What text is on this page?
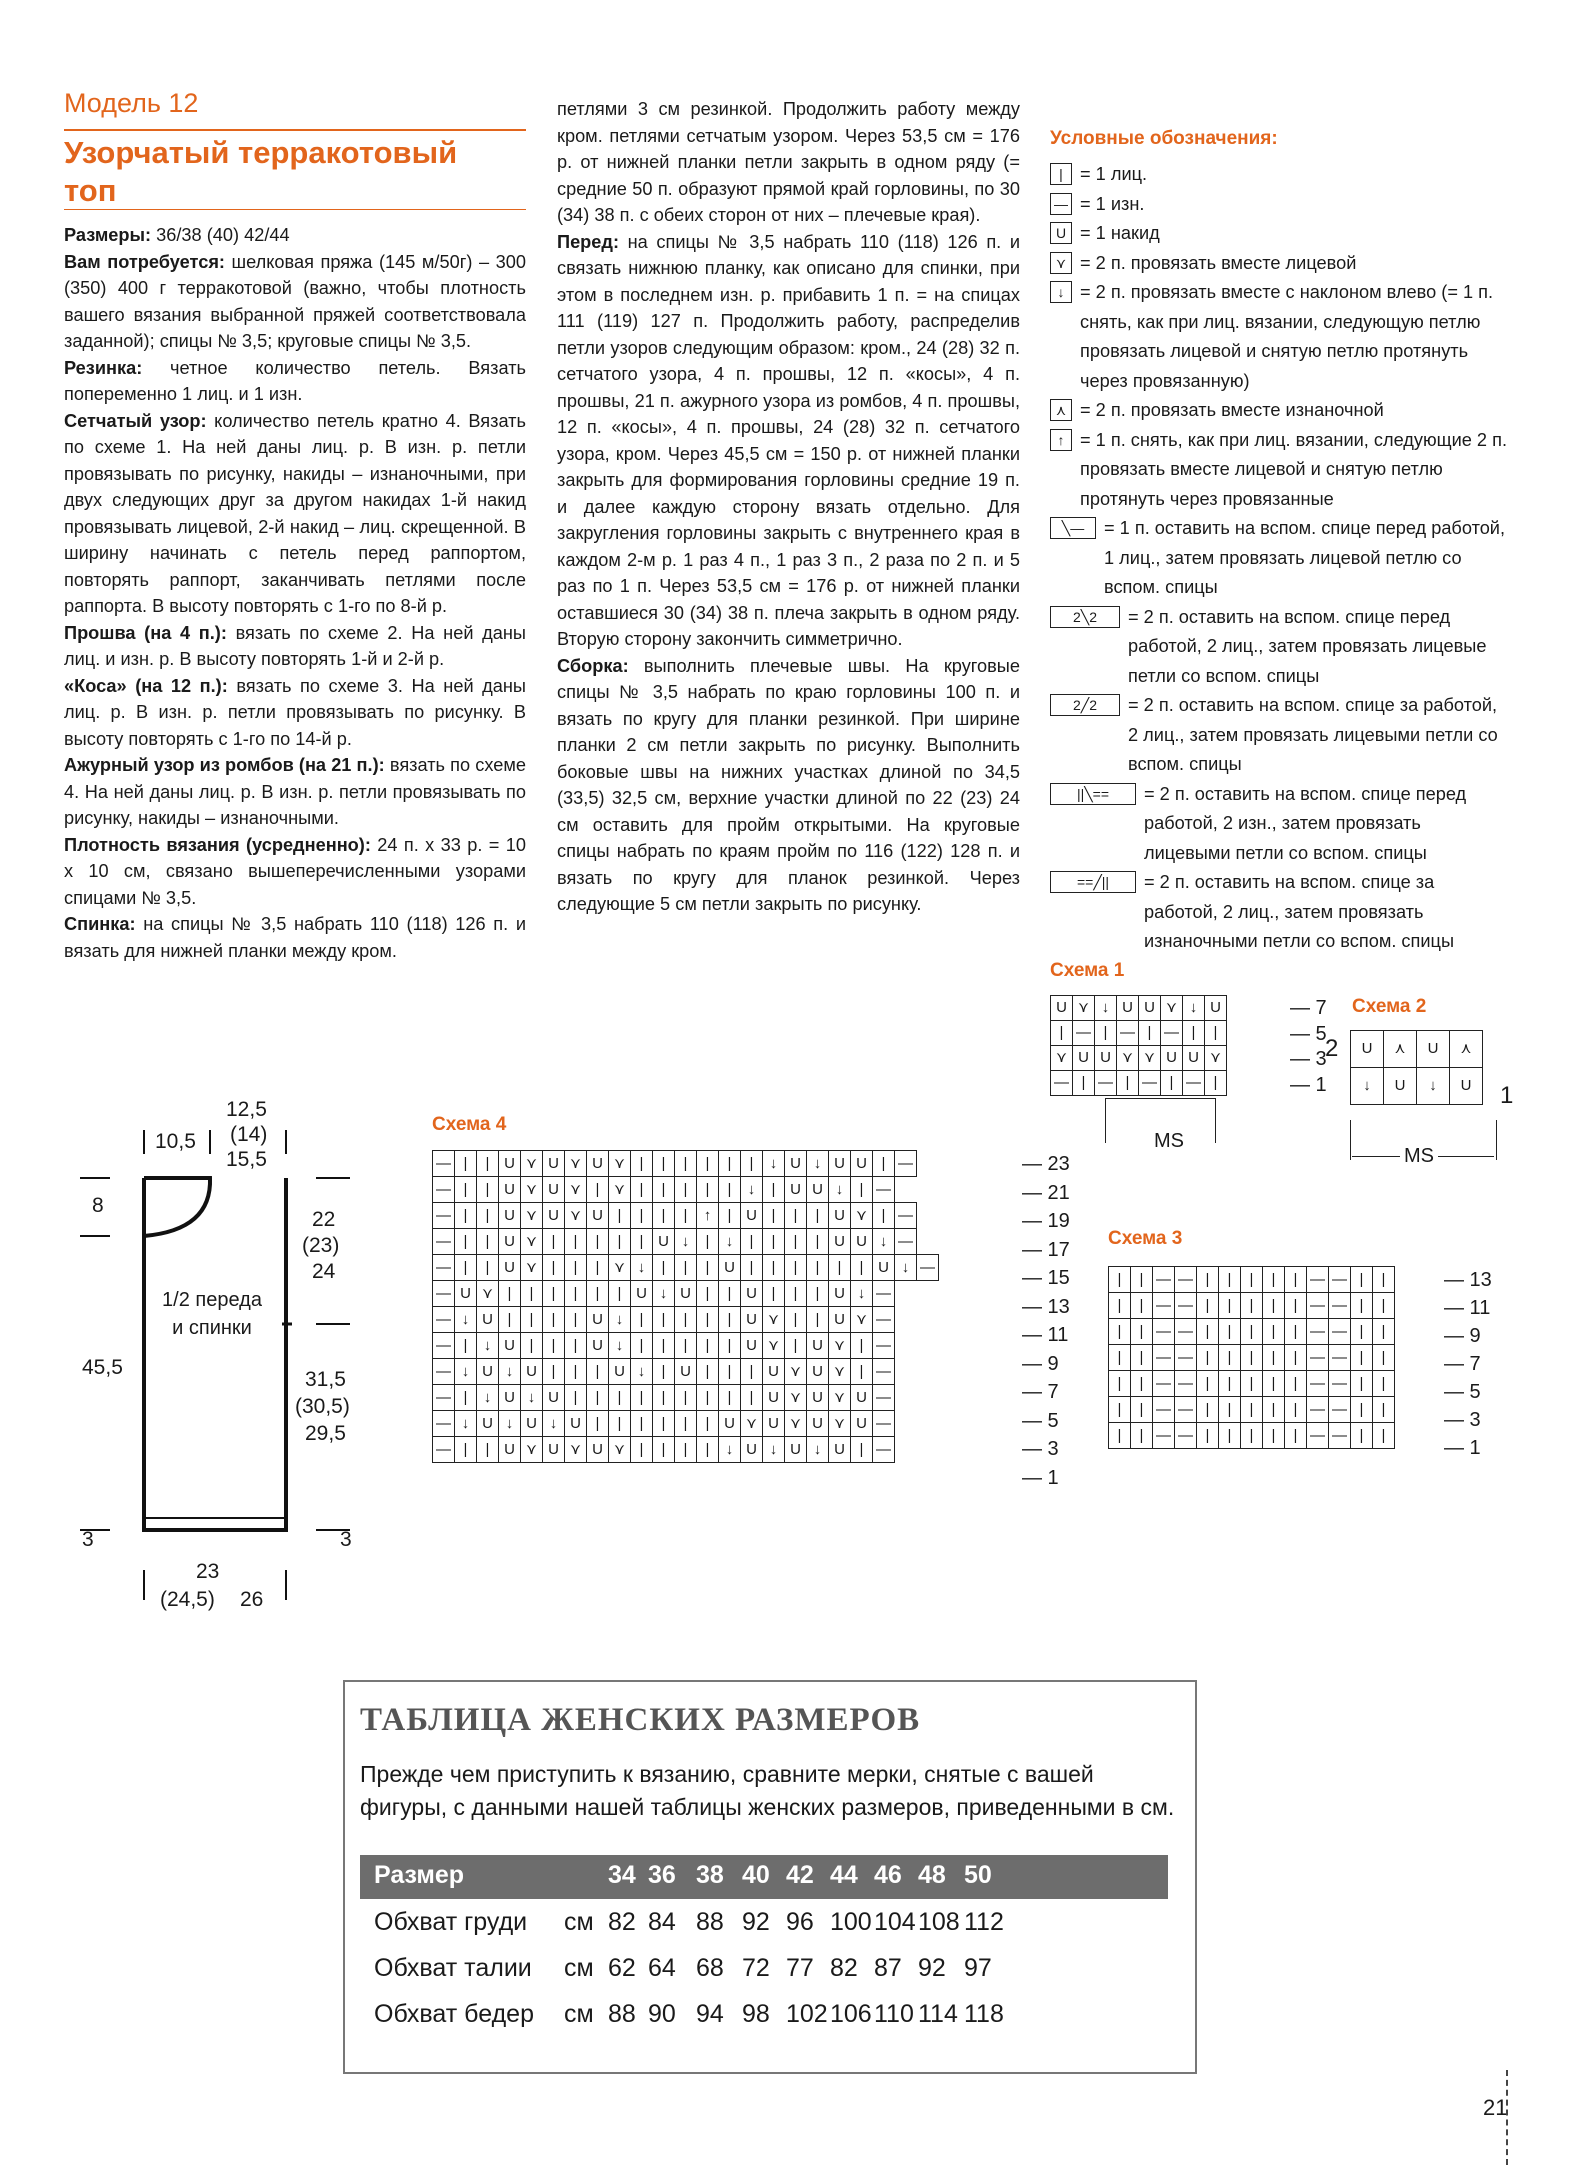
Модель 12
Узорчатый терракотовый
топ

Размеры: 36/38 (40) 42/44

Вам потребуется: шелковая пряжа (145 м/50г) – 300 (350) 400 г терракотовой (важно, чтобы плотность вашего вязания выбранной пряжей соответствовала заданной); спицы № 3,5; круговые спицы № 3,5.

Резинка: четное количество петель. Вязать попеременно 1 лиц. и 1 изн.

Сетчатый узор: количество петель кратно 4. Вязать по схеме 1. На ней даны лиц. р. В изн. р. петли провязывать по рисунку, накиды – изнаночными, при двух следующих друг за другом накидах 1-й накид провязывать лицевой, 2-й накид – лиц. скрещенной. В ширину начинать с петель перед раппортом, повторять раппорт, заканчивать петлями после раппорта. В высоту повторять с 1-го по 8-й р.

Прошва (на 4 п.): вязать по схеме 2. На ней даны лиц. и изн. р. В высоту повторять 1-й и 2-й р.

«Коса» (на 12 п.): вязать по схеме 3. На ней даны лиц. р. В изн. р. петли провязывать по рисунку. В высоту повторять с 1-го по 14-й р.

Ажурный узор из ромбов (на 21 п.): вязать по схеме 4. На ней даны лиц. р. В изн. р. петли провязывать по рисунку, накиды – изнаночными.

Плотность вязания (усредненно): 24 п. х 33 р. = 10 х 10 см, связано вышеперечисленными узорами спицами № 3,5.

Спинка: на спицы № 3,5 набрать 110 (118) 126 п. и вязать для нижней планки между кром.

петлями 3 см резинкой. Продолжить работу между кром. петлями сетчатым узором. Через 53,5 см = 176 р. от нижней планки петли закрыть в одном ряду (= средние 50 п. образуют прямой край горловины, по 30 (34) 38 п. с обеих сторон от них – плечевые края).

Перед: на спицы № 3,5 набрать 110 (118) 126 п. и связать нижнюю планку, как описано для спинки, при этом в последнем изн. р. прибавить 1 п. = на спицах 111 (119) 127 п. Продолжить работу, распределив петли узоров следующим образом: кром., 24 (28) 32 п. сетчатого узора, 4 п. прошвы, 12 п. «косы», 4 п. прошвы, 21 п. ажурного узора из ромбов, 4 п. прошвы, 12 п. «косы», 4 п. прошвы, 24 (28) 32 п. сетчатого узора, кром. Через 45,5 см = 150 р. от нижней планки закрыть для формирования горловины средние 19 п. и далее каждую сторону вязать отдельно. Для закругления горловины закрыть с внутреннего края в каждом 2-м р. 1 раз 4 п., 1 раз 3 п., 2 раза по 2 п. и 5 раз по 1 п. Через 53,5 см = 176 р. от нижней планки оставшиеся 30 (34) 38 п. плеча закрыть в одном ряду. Вторую сторону закончить симметрично.

Сборка: выполнить плечевые швы. На круговые спицы № 3,5 набрать по краю горловины 100 п. и вязать по кругу для планки резинкой. При ширине планки 2 см петли закрыть по рисунку. Выполнить боковые швы на нижних участках длиной по 34,5 (33,5) 32,5 см, верхние участки длиной по 22 (23) 24 см оставить для пройм открытыми. На круговые спицы набрать по краям пройм по 116 (122) 128 п. и вязать по кругу для планок резинкой. Через следующие 5 см петли закрыть по рисунку.

Условные обозначения:
| = 1 лиц.
— = 1 изн.
U = 1 накид
⋎ = 2 п. провязать вместе лицевой
↓ = 2 п. провязать вместе с наклоном влево (= 1 п. снять, как при лиц. вязании, следующую петлю провязать лицевой и снятую петлю протянуть через провязанную)
⋏ = 2 п. провязать вместе изнаночной
↑ = 1 п. снять, как при лиц. вязании, следующие 2 п. провязать вместе лицевой и снятую петлю протянуть через провязанные
╲—	= 1 п. оставить на вспом. спице перед работой, 1 лиц., затем провязать лицевой петлю со вспом. спицы
2╲2	= 2 п. оставить на вспом. спице перед работой, 2 лиц., затем провязать лицевые петли со вспом. спицы
2╱2	= 2 п. оставить на вспом. спице за работой, 2 лиц., затем провязать лицевыми петли со вспом. спицы
||╲==	= 2 п. оставить на вспом. спице перед работой, 2 изн., затем провязать лицевыми петли со вспом. спицы
==╱||	= 2 п. оставить на вспом. спице за работой, 2 лиц., затем провязать изнаночными петли со вспом. спицы
Схема 1
U	⋎	↓	U	U	⋎	↓	U
|	—	|	—	|	—	|	|
⋎	U	U	⋎	⋎	U	U	⋎
—	|	—	|	—	|	—	|
— 7
— 5
— 3
— 1
MS
Схема 2
2
1
U	⋏	U	⋏
↓	U	↓	U
MS
Схема 3
|	|	—	—	|	|	|	|	|	—	—	|	|
|	|	—	—	|	|	|	|	|	—	—	|	|
|	|	—	—	|	|	|	|	|	—	—	|	|
|	|	—	—	|	|	|	|	|	—	—	|	|
|	|	—	—	|	|	|	|	|	—	—	|	|
|	|	—	—	|	|	|	|	|	—	—	|	|
|	|	—	—	|	|	|	|	|	—	—	|	|
— 13
— 11
— 9
— 7
— 5
— 3
— 1
Схема 4
—	|	|	U	⋎	U	⋎	U	⋎	|	|	|	|	|	|	↓	U	↓	U	U	|	—	
—	|	|	U	⋎	U	⋎	|	⋎	|	|	|	|	|	↓	|	U	U	↓	|	—		
—	|	|	U	⋎	U	⋎	U	|	|	|	|	↑	|	U	|	|	|	U	⋎	|	—	
—	|	|	U	⋎	|	|	|	|	|	U	↓	|	↓	|	|	|	|	U	U	↓	—	
—	|	|	U	⋎	|	|	|	⋎	↓	|	|	|	U	|	|	|	|	|	|	U	↓	—
—	U	⋎	|	|	|	|	|	|	U	↓	U	|	|	U	|	|	|	U	↓	—		
—	↓	U	|	|	|	|	U	↓	|	|	|	|	|	U	⋎	|	|	U	⋎	—		
—	|	↓	U	|	|	|	U	↓	|	|	|	|	|	U	⋎	|	U	⋎	|	—		
—	↓	U	↓	U	|	|	|	U	↓	|	U	|	|	|	U	⋎	U	⋎	|	—		
—	|	↓	U	↓	U	|	|	|	|	|	|	|	|	|	U	⋎	U	⋎	U	—		
—	↓	U	↓	U	↓	U	|	|	|	|	|	|	U	⋎	U	⋎	U	⋎	U	—		
—	|	|	U	⋎	U	⋎	U	⋎	|	|	|	|	↓	U	↓	U	↓	U	|	—		
— 23
— 21
— 19
— 17
— 15
— 13
— 11
— 9
— 7
— 5
— 3
— 1
10,5
12,5
(14)
15,5
8
22
(23)
24
1/2 переда
и спинки
45,5
31,5
(30,5)
29,5
3	3
23
(24,5) 26
ТАБЛИЦА ЖЕНСКИХ РАЗМЕРОВ
Прежде чем приступить к вязанию, сравните мерки, снятые с вашей фигуры, с данными нашей таблицы женских размеров, приведенными в см.
Размер	34 36 38 40 42 44 46 48 50
Обхват груди см 82 84 88 92 96 100 104 108 112
Обхват талии см 62 64 68 72 77 82 87 92 97
Обхват бедер см 88 90 94 98 102 106 110 114 118
21
